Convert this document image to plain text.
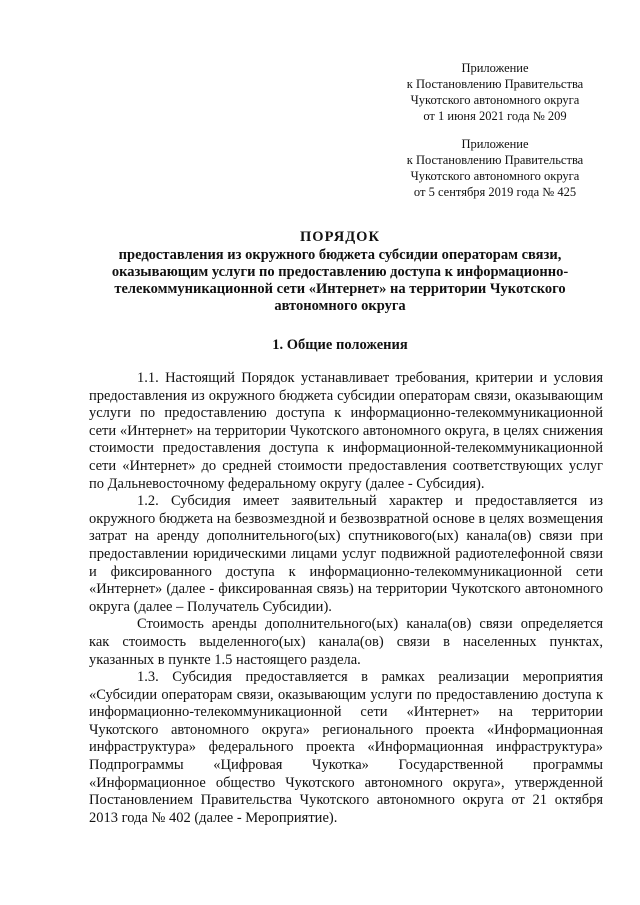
Приложение
к Постановлению Правительства
Чукотского автономного округа
от 1 июня 2021 года № 209
Приложение
к Постановлению Правительства
Чукотского автономного округа
от 5 сентября 2019 года № 425
ПОРЯДОК
предоставления из окружного бюджета субсидии операторам связи,
оказывающим услуги по предоставлению доступа к информационно-
телекоммуникационной сети «Интернет» на территории Чукотского
автономного округа
1. Общие положения

1.1. Настоящий Порядок устанавливает требования, критерии и условия предоставления из окружного бюджета субсидии операторам связи, оказывающим услуги по предоставлению доступа к информационно-телекоммуникационной сети «Интернет» на территории Чукотского автономного округа, в целях снижения стоимости предоставления доступа к информационной-телекоммуникационной сети «Интернет» до средней стоимости предоставления соответствующих услуг по Дальневосточному федеральному округу (далее - Субсидия).

1.2. Субсидия имеет заявительный характер и предоставляется из окружного бюджета на безвозмездной и безвозвратной основе в целях возмещения затрат на аренду дополнительного(ых) спутникового(ых) канала(ов) связи при предоставлении юридическими лицами услуг подвижной радиотелефонной связи и фиксированного доступа к информационно-телекоммуникационной сети «Интернет» (далее - фиксированная связь) на территории Чукотского автономного округа (далее – Получатель Субсидии).

Стоимость аренды дополнительного(ых) канала(ов) связи определяется как стоимость выделенного(ых) канала(ов) связи в населенных пунктах, указанных в пункте 1.5 настоящего раздела.

1.3. Субсидия предоставляется в рамках реализации мероприятия «Субсидии операторам связи, оказывающим услуги по предоставлению доступа к информационно-телекоммуникационной сети «Интернет» на территории Чукотского автономного округа» регионального проекта «Информационная инфраструктура» федерального проекта «Информационная инфраструктура» Подпрограммы «Цифровая Чукотка» Государственной программы «Информационное общество Чукотского автономного округа», утвержденной Постановлением Правительства Чукотского автономного округа от 21 октября 2013 года № 402 (далее - Мероприятие).
